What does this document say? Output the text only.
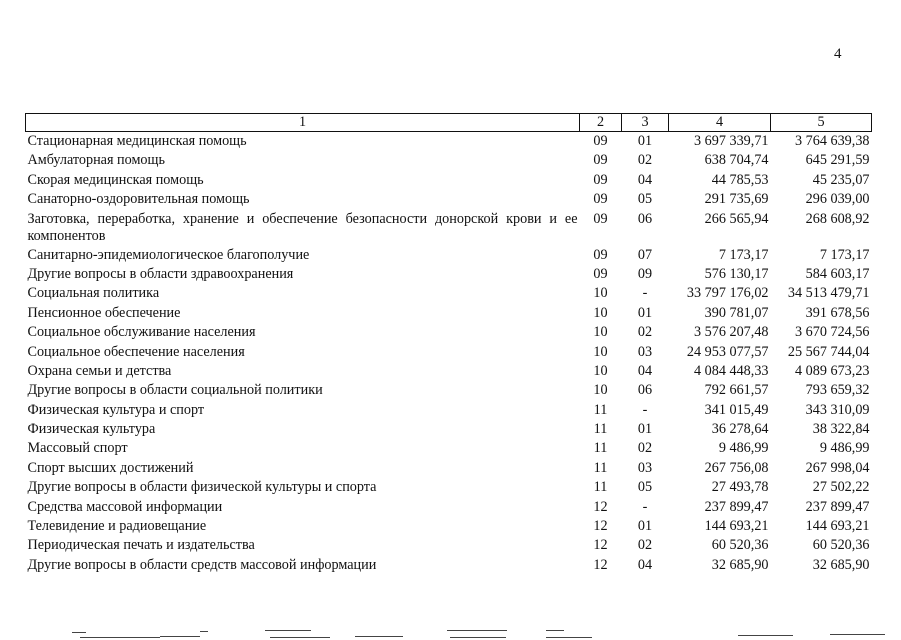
4
1	2	3	4	5
Стационарная медицинская помощь	09	01	3 697 339,71	3 764 639,38
Амбулаторная помощь	09	02	638 704,74	645 291,59
Скорая медицинская помощь	09	04	44 785,53	45 235,07
Санаторно-оздоровительная помощь	09	05	291 735,69	296 039,00
Заготовка, переработка, хранение и обеспечение безопасности донорской крови и ее компонентов	09	06	266 565,94	268 608,92
Санитарно-эпидемиологическое благополучие	09	07	7 173,17	7 173,17
Другие вопросы в области здравоохранения	09	09	576 130,17	584 603,17
Социальная политика	10	-	33 797 176,02	34 513 479,71
Пенсионное обеспечение	10	01	390 781,07	391 678,56
Социальное обслуживание населения	10	02	3 576 207,48	3 670 724,56
Социальное обеспечение населения	10	03	24 953 077,57	25 567 744,04
Охрана семьи и детства	10	04	4 084 448,33	4 089 673,23
Другие вопросы в области социальной политики	10	06	792 661,57	793 659,32
Физическая культура и спорт	11	-	341 015,49	343 310,09
Физическая культура	11	01	36 278,64	38 322,84
Массовый спорт	11	02	9 486,99	9 486,99
Спорт высших достижений	11	03	267 756,08	267 998,04
Другие вопросы в области физической культуры и спорта	11	05	27 493,78	27 502,22
Средства массовой информации	12	-	237 899,47	237 899,47
Телевидение и радиовещание	12	01	144 693,21	144 693,21
Периодическая печать и издательства	12	02	60 520,36	60 520,36
Другие вопросы в области средств массовой информации	12	04	32 685,90	32 685,90
